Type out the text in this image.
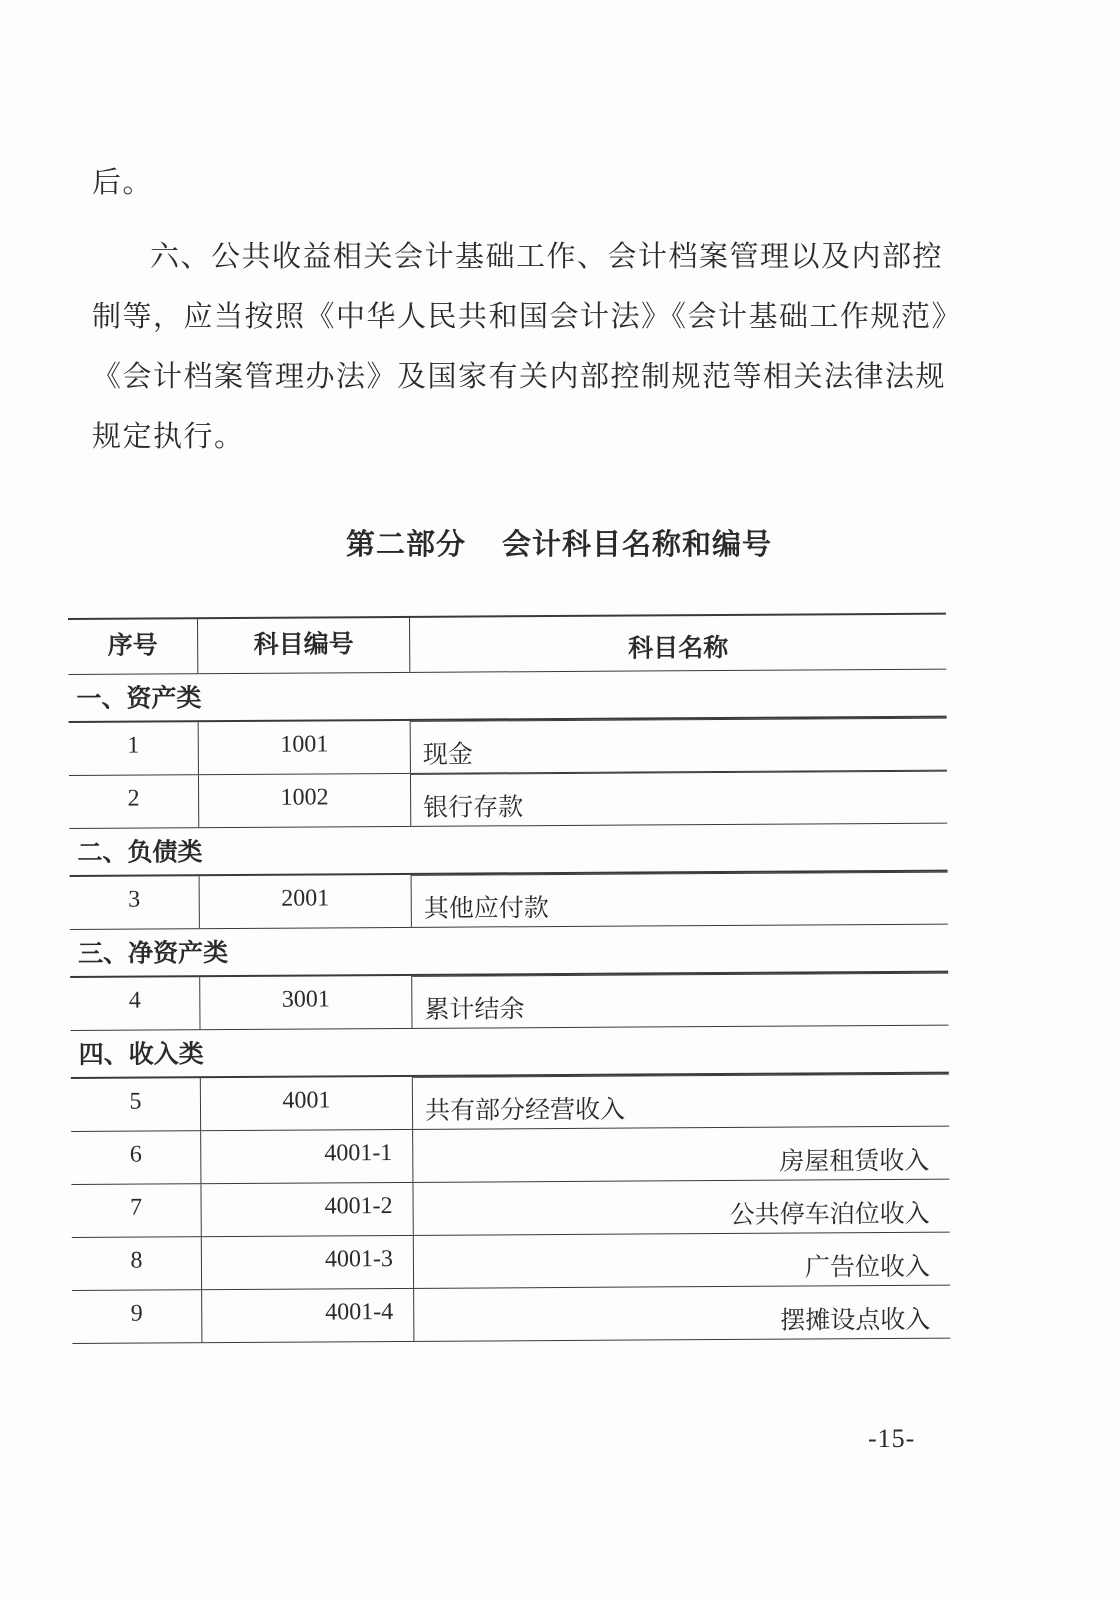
后。
六、公共收益相关会计基础工作、会计档案管理以及内部控制等，应当按照《中华人民共和国会计法》《会计基础工作规范》《会计档案管理办法》及国家有关内部控制规范等相关法律法规规定执行。
第二部分 会计科目名称和编号
序号	科目编号	科目名称
一、资产类
1	1001	现金
2	1002	银行存款
二、负债类
3	2001	其他应付款
三、净资产类
4	3001	累计结余
四、收入类
5	4001	共有部分经营收入
6	4001-1	房屋租赁收入
7	4001-2	公共停车泊位收入
8	4001-3	广告位收入
9	4001-4	摆摊设点收入
-15-
